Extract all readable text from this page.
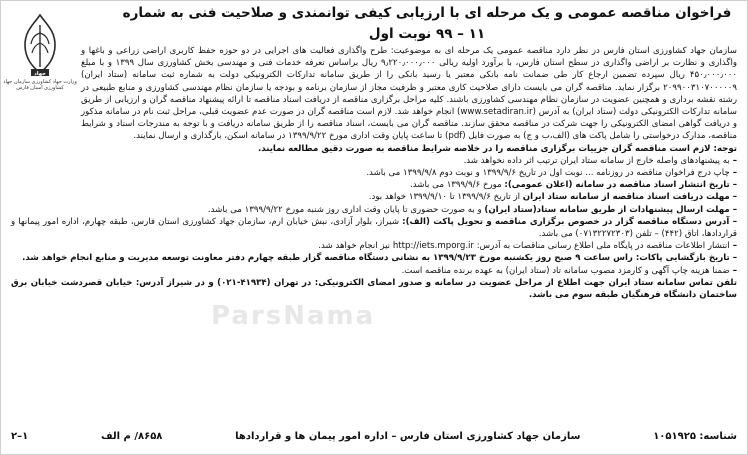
جهاد
وزارت جهاد کشاورزی سازمان جهاد کشاورزی استان فارس
فراخوان مناقصه عمومی و یک مرحله ای با ارزیابی کیفی توانمندی و صلاحیت فنی به شماره ۱۱ – ۹۹ نوبت اول
ParsNama

سازمان جهاد کشاورزی استان فارس در نظر دارد مناقصه عمومی یک مرحله ای به موضوعیت: طرح واگذاری فعالیت های اجرایی در دو حوزه حفظ کاربری اراضی زراعی و باغها و واگذاری و نظارت بر اراضی واگذاری در سطح استان فارس، با برآورد اولیه ریالی ۹٫۲۲۰٫۰۰۰٫۰۰۰ ریال براساس تعرفه خدمات فنی و مهندسی بخش کشاورزی سال ۱۳۹۹ و با مبلغ ۴۵۰٫۰۰۰٫۰۰۰ ریال سپرده تضمین ارجاع کار طی ضمانت نامه بانکی معتبر یا رسید بانکی را از طریق سامانه تدارکات الکترونیکی دولت به شماره ثبت سامانه (ستاد ایران) ۲۰۹۹۰۰۳۱۰۷۰۰۰۰۰۹ برگزار نماید. مناقصه گران می بایست دارای صلاحیت کاری معتبر و ظرفیت مجاز از سازمان برنامه و بودجه یا سازمان نظام مهندسی کشاورزی و منابع طبیعی در رشته نقشه برداری و همچنین عضویت در سازمان نظام مهندسی کشاورزی باشند. کلیه مراحل برگزاری مناقصه از دریافت اسناد مناقصه تا ارائه پیشنهاد مناقصه گران و ارزیابی از طریق سامانه تدارکات الکترونیکی دولت (ستاد ایران) به آدرس (www.setadiran.ir) انجام خواهد شد. لازم است مناقصه گران در صورت عدم عضویت قبلی، مراحل ثبت نام در سامانه مذکور و دریافت گواهی امضای الکترونیکی را جهت شرکت در مناقصه محقق سازند. مناقصه گران می بایست، اسناد مناقصه را از طریق سامانه دریافت و با توجه به مندرجات اسناد و شرایط مناقصه، مدارک درخواستی را شامل پاکت های (الف،ب و ج) به صورت فایل (pdf) تا ساعت پایان وقت اداری مورخ ۱۳۹۹/۹/۲۲ در سامانه اسکن، بارگذاری و ارسال نمایند.

توجه: لازم است مناقصه گران جزییات برگزاری مناقصه را در خلاصه شرایط مناقصه به صورت دقیق مطالعه نمایند.

– به پیشنهادهای واصله خارج از سامانه ستاد ایران ترتیب اثر داده نخواهد شد.
– چاپ درج فراخوان مناقصه در روزنامه ... نوبت اول در تاریخ ۱۳۹۹/۹/۶ و نوبت دوم ۱۳۹۹/۹/۸ می باشد.
– تاریخ انتشار اسناد مناقصه در سامانه (اعلان عمومی): مورخ ۱۳۹۹/۹/۶ می باشد.
– مهلت دریافت اسناد مناقصه از سامانه ستاد ایران از تاریخ ۱۳۹۹/۹/۶ تا ۱۳۹۹/۹/۱۰ خواهد بود.
– مهلت ارسال پیشنهادات از طریق سامانه ستاد(ستاد ایران) و به صورت حضوری تا پایان وقت اداری روز شنبه مورخ ۱۳۹۹/۹/۲۲ می باشد.
– آدرس دستگاه مناقصه گزار در خصوص برگزاری مناقصه و تحویل پاکت (الف): شیراز، بلوار آزادی، نبش خیابان ارم، سازمان جهاد کشاورزی استان فارس، طبقه چهارم، اداره امور پیمانها و قراردادها، اتاق (۴۴۲) – تلفن (۰۷۱۳۲۲۷۲۳۰۳) می باشد.
– انتشار اطلاعات مناقصه در پایگاه ملی اطلاع رسانی مناقصات به آدرس: http://iets.mporg.ir نیز انجام خواهد شد.
– تاریخ بازگشایی پاکات: راس ساعت ۹ صبح روز یکشنبه مورخ ۱۳۹۹/۹/۲۳ به نشانی دستگاه مناقصه گزار طبقه چهارم دفتر معاونت توسعه مدیریت و منابع انجام خواهد شد.
– ضمنا هزینه چاپ آگهی و کارمزد مصوب سامانه تاد (ستاد ایران) به عهده برنده مناقصه است.

تلفن تماس سامانه ستاد ایران جهت اطلاع از مراحل عضویت در سامانه و صدور امضای الکترونیکی: در تهران (۴۱۹۳۴-۰۲۱) و در شیراز آدرس: خیابان قصردشت خیابان برق ساختمان دانشگاه فرهنگیان طبقه سوم می باشد.

شناسه: ۱۰۵۱۹۲۵
سازمان جهاد کشاورزی استان فارس – اداره امور پیمان ها و قراردادها
۸۶۵۸/ م الف
۱–۲
